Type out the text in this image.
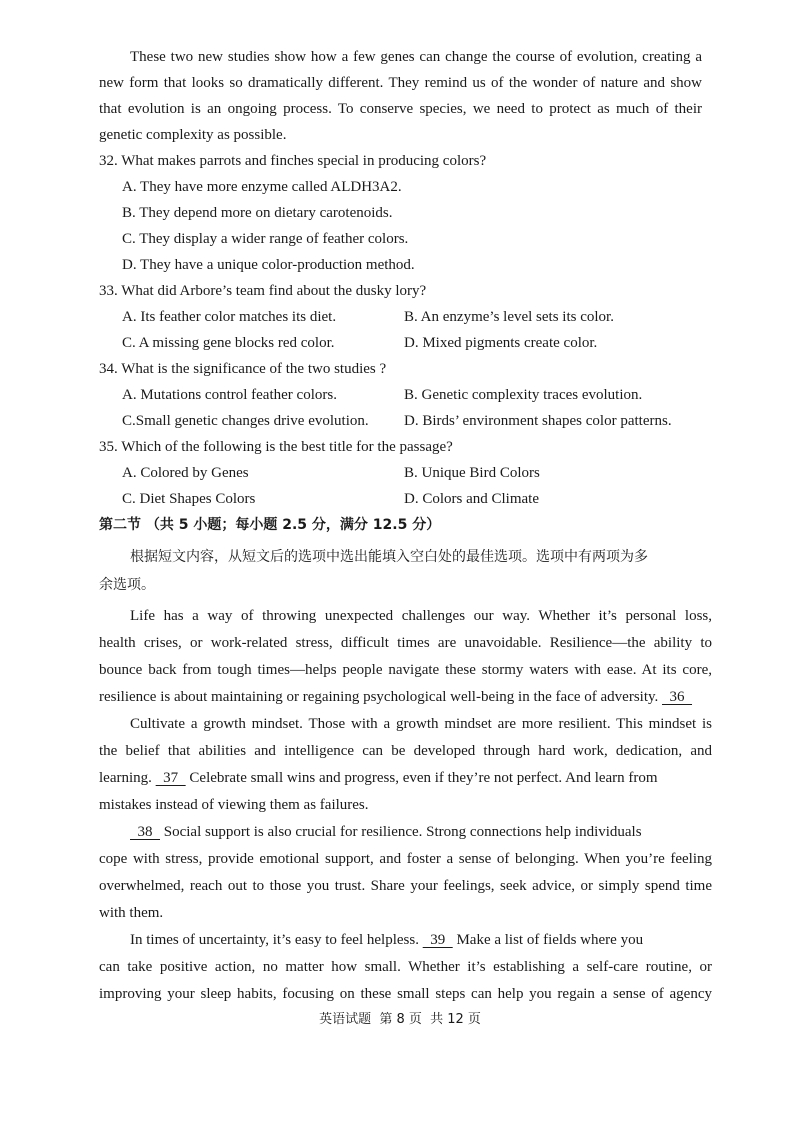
These two new studies show how a few genes can change the course of evolution, creating a
new form that looks so dramatically different. They remind us of the wonder of nature and show
that evolution is an ongoing process. To conserve species, we need to protect as much of their
genetic complexity as possible.
32. What makes parrots and finches special in producing colors?
A. They have more enzyme called ALDH3A2.
B. They depend more on dietary carotenoids.
C. They display a wider range of feather colors.
D. They have a unique color-production method.
33. What did Arbore’s team find about the dusky lory?
A. Its feather color matches its diet.	B. An enzyme’s level sets its color.
C. A missing gene blocks red color.	D. Mixed pigments create color.
34. What is the significance of the two studies ?
A. Mutations control feather colors.	B. Genetic complexity traces evolution.
C.Small genetic changes drive evolution. D. Birds’ environment shapes color patterns.
35. Which of the following is the best title for the passage?
A. Colored by Genes	B. Unique Bird Colors
C. Diet Shapes Colors	D. Colors and Climate
第二节 （共 5 小题；每小题 2.5 分，满分 12.5 分）
根据短文内容，从短文后的选项中选出能填入空白处的最佳选项。选项中有两项为多
余选项。
Life has a way of throwing unexpected challenges our way. Whether it’s personal loss,
health crises, or work-related stress, difficult times are unavoidable. Resilience—the ability to
bounce back from tough times—helps people navigate these stormy waters with ease. At its core,
resilience is about maintaining or regaining psychological well-being in the face of adversity.   36
Cultivate a growth mindset. Those with a growth mindset are more resilient. This mindset is
the belief that abilities and intelligence can be developed through hard work, dedication, and
learning.   37   Celebrate small wins and progress, even if they’re not perfect. And learn from
mistakes instead of viewing them as failures.
38   Social support is also crucial for resilience. Strong connections help individuals
cope with stress, provide emotional support, and foster a sense of belonging. When you’re feeling
overwhelmed, reach out to those you trust. Share your feelings, seek advice, or simply spend time
with them.
In times of uncertainty, it’s easy to feel helpless.   39   Make a list of fields where you
can take positive action, no matter how small. Whether it’s establishing a self-care routine, or
improving your sleep habits, focusing on these small steps can help you regain a sense of agency
英语试题  第 8 页  共 12 页
